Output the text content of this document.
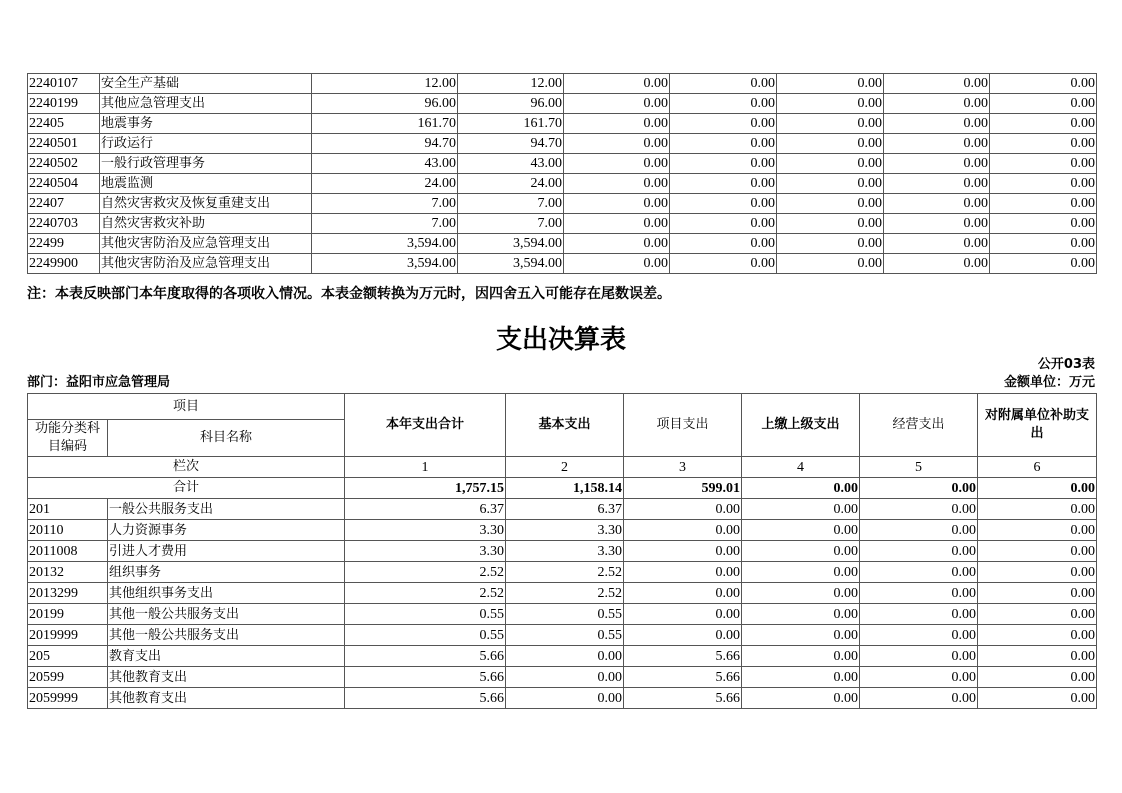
2240107	安全生产基础	12.00	12.00	0.00	0.00	0.00	0.00	0.00
2240199	其他应急管理支出	96.00	96.00	0.00	0.00	0.00	0.00	0.00
22405	地震事务	161.70	161.70	0.00	0.00	0.00	0.00	0.00
2240501	行政运行	94.70	94.70	0.00	0.00	0.00	0.00	0.00
2240502	一般行政管理事务	43.00	43.00	0.00	0.00	0.00	0.00	0.00
2240504	地震监测	24.00	24.00	0.00	0.00	0.00	0.00	0.00
22407	自然灾害救灾及恢复重建支出	7.00	7.00	0.00	0.00	0.00	0.00	0.00
2240703	自然灾害救灾补助	7.00	7.00	0.00	0.00	0.00	0.00	0.00
22499	其他灾害防治及应急管理支出	3,594.00	3,594.00	0.00	0.00	0.00	0.00	0.00
2249900	其他灾害防治及应急管理支出	3,594.00	3,594.00	0.00	0.00	0.00	0.00	0.00
注：本表反映部门本年度取得的各项收入情况。本表金额转换为万元时，因四舍五入可能存在尾数误差。
支出决算表
公开03表
部门：益阳市应急管理局	金额单位：万元
项目		本年支出合计	基本支出	项目支出	上缴上级支出	经营支出	对附属单位补助支出
功能分类科目编码	科目名称						
栏次		1	2	3	4	5	6
合计		1,757.15	1,158.14	599.01	0.00	0.00	0.00
201	一般公共服务支出	6.37	6.37	0.00	0.00	0.00	0.00
20110	人力资源事务	3.30	3.30	0.00	0.00	0.00	0.00
2011008	引进人才费用	3.30	3.30	0.00	0.00	0.00	0.00
20132	组织事务	2.52	2.52	0.00	0.00	0.00	0.00
2013299	其他组织事务支出	2.52	2.52	0.00	0.00	0.00	0.00
20199	其他一般公共服务支出	0.55	0.55	0.00	0.00	0.00	0.00
2019999	其他一般公共服务支出	0.55	0.55	0.00	0.00	0.00	0.00
205	教育支出	5.66	0.00	5.66	0.00	0.00	0.00
20599	其他教育支出	5.66	0.00	5.66	0.00	0.00	0.00
2059999	其他教育支出	5.66	0.00	5.66	0.00	0.00	0.00
